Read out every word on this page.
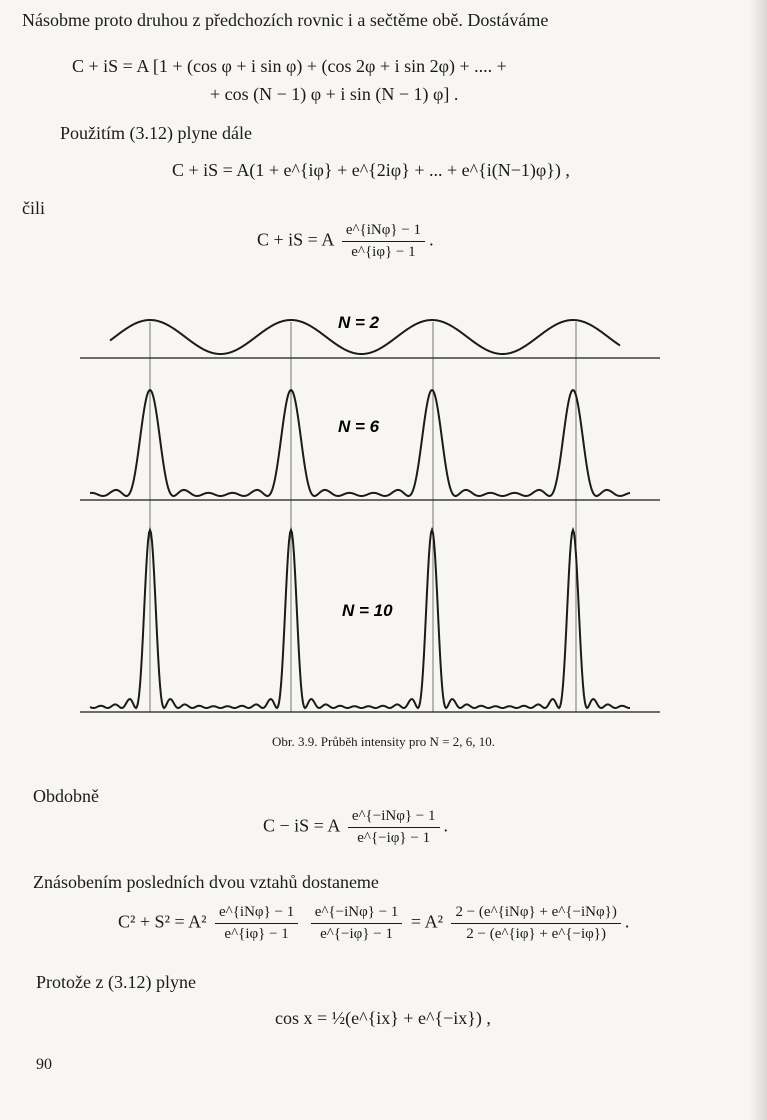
Násobme proto druhou z předchozích rovnic i a sečtěme obě. Dostáváme
C + iS = A [1 + (cos φ + i sin φ) + (cos 2φ + i sin 2φ) + .... +
+ cos (N − 1) φ + i sin (N − 1) φ] .
Použitím (3.12) plyne dále
C + iS = A(1 + e^{iφ} + e^{2iφ} + ... + e^{i(N−1)φ}) ,
čili
C + iS = A $\frac{\text{e\textasciicircum{}\{iNφ\} − 1}}{e\^{}\{i\varphi\} - 1}$ .
N = 2
N = 6
N = 10
Obr. 3.9. Průběh intensity pro N = 2, 6, 10.
Obdobně
C − iS = A $\frac{\text{e\textasciicircum{}\{−iNφ\} − 1}}{e\^{}\{-i\varphi\} - 1}$ .
Znásobením posledních dvou vztahů dostaneme
$C^2 + S^2 = A^2 \frac{\text{e\textasciicircum{}\{iNφ\} − 1}}{e\^{}\{i\varphi\} - 1}$
$\frac{\text{e\textasciicircum{}\{−iNφ\} − 1}}{e\^{}\{-i\varphi\} - 1} = A^2 \frac{\text{2 − (e\textasciicircum{}\{iNφ\} + e\textasciicircum{}\{−iNφ\})}}{2 - (e\^{}\{i\varphi\} + e\^{}\{-i\varphi\})}$ .
Protože z (3.12) plyne
cos x = ½(e^{ix} + e^{−ix}) ,
90
